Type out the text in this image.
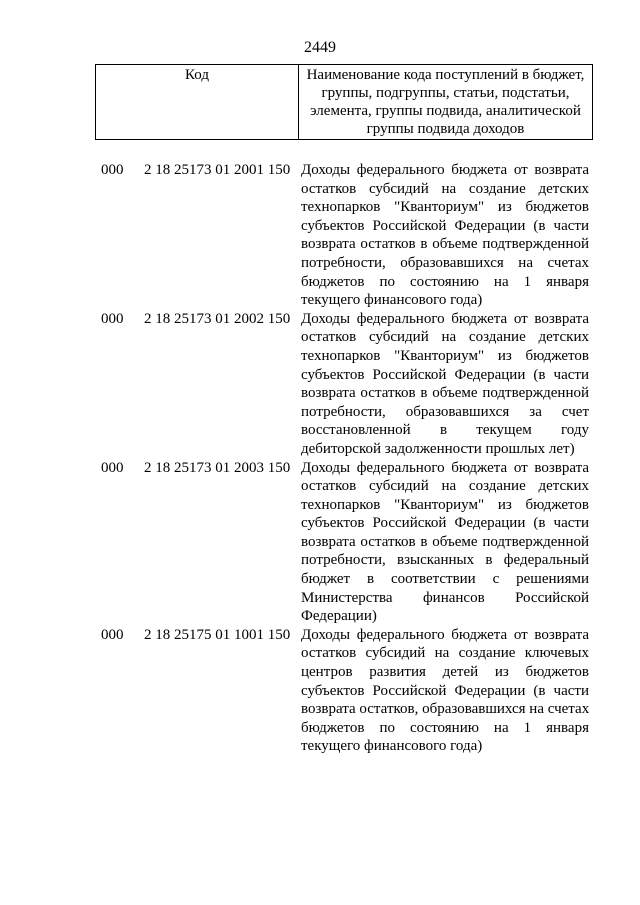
2449
Код	Наименование кода поступлений в бюджет, группы, подгруппы, статьи, подстатьи, элемента, группы подвида, аналитической группы подвида доходов
000 2 18 25173 01 2001 150 Доходы федерального бюджета от возврата
остатков субсидий на создание детских
технопарков "Кванториум" из бюджетов
субъектов Российской Федерации (в части
возврата остатков в объеме подтвержденной
потребности, образовавшихся на счетах
бюджетов по состоянию на 1 января
текущего финансового года)
000 2 18 25173 01 2002 150 Доходы федерального бюджета от возврата
остатков субсидий на создание детских
технопарков "Кванториум" из бюджетов
субъектов Российской Федерации (в части
возврата остатков в объеме подтвержденной
потребности, образовавшихся за счет
восстановленной в текущем году
дебиторской задолженности прошлых лет)
000 2 18 25173 01 2003 150 Доходы федерального бюджета от возврата
остатков субсидий на создание детских
технопарков "Кванториум" из бюджетов
субъектов Российской Федерации (в части
возврата остатков в объеме подтвержденной
потребности, взысканных в федеральный
бюджет в соответствии с решениями
Министерства финансов Российской
Федерации)
000 2 18 25175 01 1001 150 Доходы федерального бюджета от возврата
остатков субсидий на создание ключевых
центров развития детей из бюджетов
субъектов Российской Федерации (в части
возврата остатков, образовавшихся на счетах
бюджетов по состоянию на 1 января
текущего финансового года)
